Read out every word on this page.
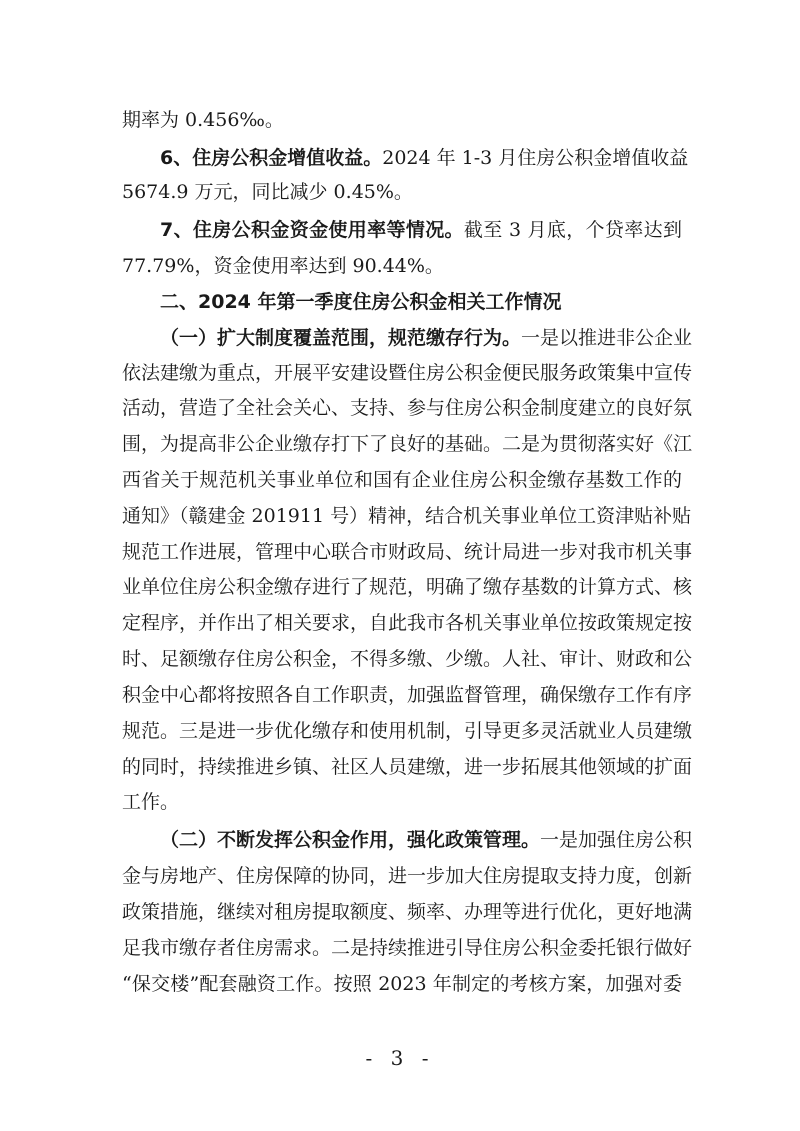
期率为 0.456‰。
6、住房公积金增值收益。2024 年 1-3 月住房公积金增值收益
5674.9 万元，同比减少 0.45%。
7、住房公积金资金使用率等情况。截至 3 月底，个贷率达到
77.79%，资金使用率达到 90.44%。
二、2024 年第一季度住房公积金相关工作情况
（一）扩大制度覆盖范围，规范缴存行为。一是以推进非公企业
依法建缴为重点，开展平安建设暨住房公积金便民服务政策集中宣传
活动，营造了全社会关心、支持、参与住房公积金制度建立的良好氛
围，为提高非公企业缴存打下了良好的基础。二是为贯彻落实好《江
西省关于规范机关事业单位和国有企业住房公积金缴存基数工作的
通知》（赣建金 201911 号）精神，结合机关事业单位工资津贴补贴
规范工作进展，管理中心联合市财政局、统计局进一步对我市机关事
业单位住房公积金缴存进行了规范，明确了缴存基数的计算方式、核
定程序，并作出了相关要求，自此我市各机关事业单位按政策规定按
时、足额缴存住房公积金，不得多缴、少缴。人社、审计、财政和公
积金中心都将按照各自工作职责，加强监督管理，确保缴存工作有序
规范。三是进一步优化缴存和使用机制，引导更多灵活就业人员建缴
的同时，持续推进乡镇、社区人员建缴，进一步拓展其他领域的扩面
工作。
（二）不断发挥公积金作用，强化政策管理。一是加强住房公积
金与房地产、住房保障的协同，进一步加大住房提取支持力度，创新
政策措施，继续对租房提取额度、频率、办理等进行优化，更好地满
足我市缴存者住房需求。二是持续推进引导住房公积金委托银行做好
“保交楼”配套融资工作。按照 2023 年制定的考核方案，加强对委
- 3 -
